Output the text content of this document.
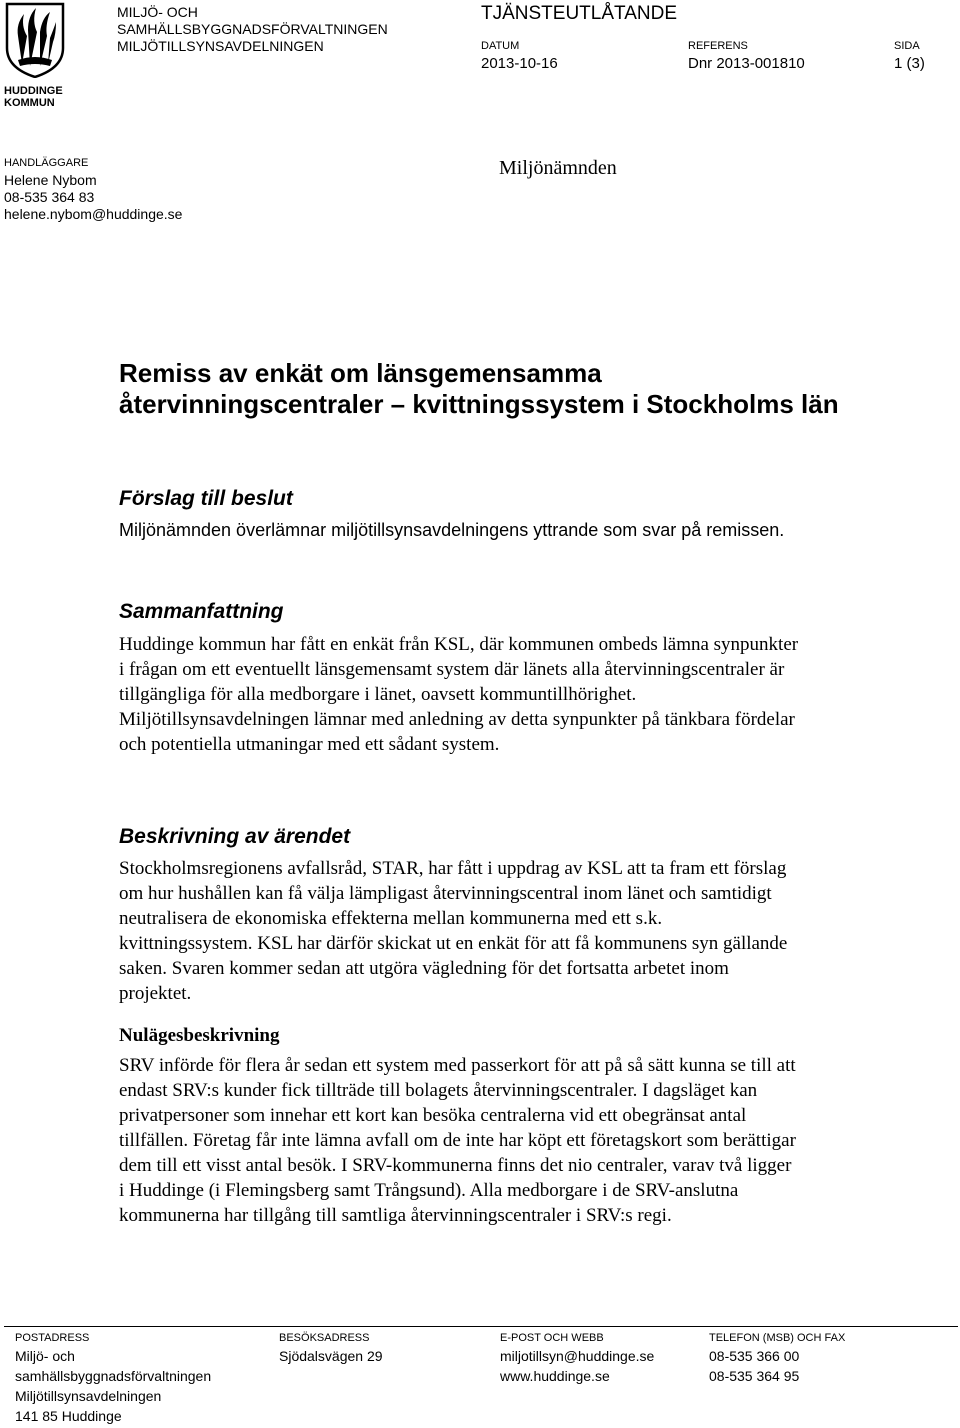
HUDDINGE
KOMMUN
MILJÖ- OCH
SAMHÄLLSBYGGNADSFÖRVALTNINGEN
MILJÖTILLSYNSAVDELNINGEN
TJÄNSTEUTLÅTANDE
DATUM
2013-10-16
REFERENS
Dnr 2013-001810
SIDA
1 (3)
HANDLÄGGARE
Helene Nybom
08-535 364 83
helene.nybom@huddinge.se
Miljönämnden
Remiss av enkät om länsgemensamma återvinningscentraler – kvittningssystem i Stockholms län
Förslag till beslut
Miljönämnden överlämnar miljötillsynsavdelningens yttrande som svar på remissen.
Sammanfattning
Huddinge kommun har fått en enkät från KSL, där kommunen ombeds lämna synpunkter i frågan om ett eventuellt länsgemensamt system där länets alla återvinningscentraler är tillgängliga för alla medborgare i länet, oavsett kommuntillhörighet. Miljötillsynsavdelningen lämnar med anledning av detta synpunkter på tänkbara fördelar och potentiella utmaningar med ett sådant system.
Beskrivning av ärendet
Stockholmsregionens avfallsråd, STAR, har fått i uppdrag av KSL att ta fram ett förslag om hur hushållen kan få välja lämpligast återvinningscentral inom länet och samtidigt neutralisera de ekonomiska effekterna mellan kommunerna med ett s.k. kvittningssystem. KSL har därför skickat ut en enkät för att få kommunens syn gällande saken. Svaren kommer sedan att utgöra vägledning för det fortsatta arbetet inom projektet.
Nulägesbeskrivning
SRV införde för flera år sedan ett system med passerkort för att på så sätt kunna se till att endast SRV:s kunder fick tillträde till bolagets återvinningscentraler. I dagsläget kan privatpersoner som innehar ett kort kan besöka centralerna vid ett obegränsat antal tillfällen. Företag får inte lämna avfall om de inte har köpt ett företagskort som berättigar dem till ett visst antal besök. I SRV-kommunerna finns det nio centraler, varav två ligger i Huddinge (i Flemingsberg samt Trångsund). Alla medborgare i de SRV-anslutna kommunerna har tillgång till samtliga återvinningscentraler i SRV:s regi.
POSTADRESS
Miljö- och
samhällsbyggnadsförvaltningen
Miljötillsynsavdelningen
141 85 Huddinge
BESÖKSADRESS
Sjödalsvägen 29
E-POST OCH WEBB
miljotillsyn@huddinge.se
www.huddinge.se
TELEFON (MSB) OCH FAX
08-535 366 00
08-535 364 95
